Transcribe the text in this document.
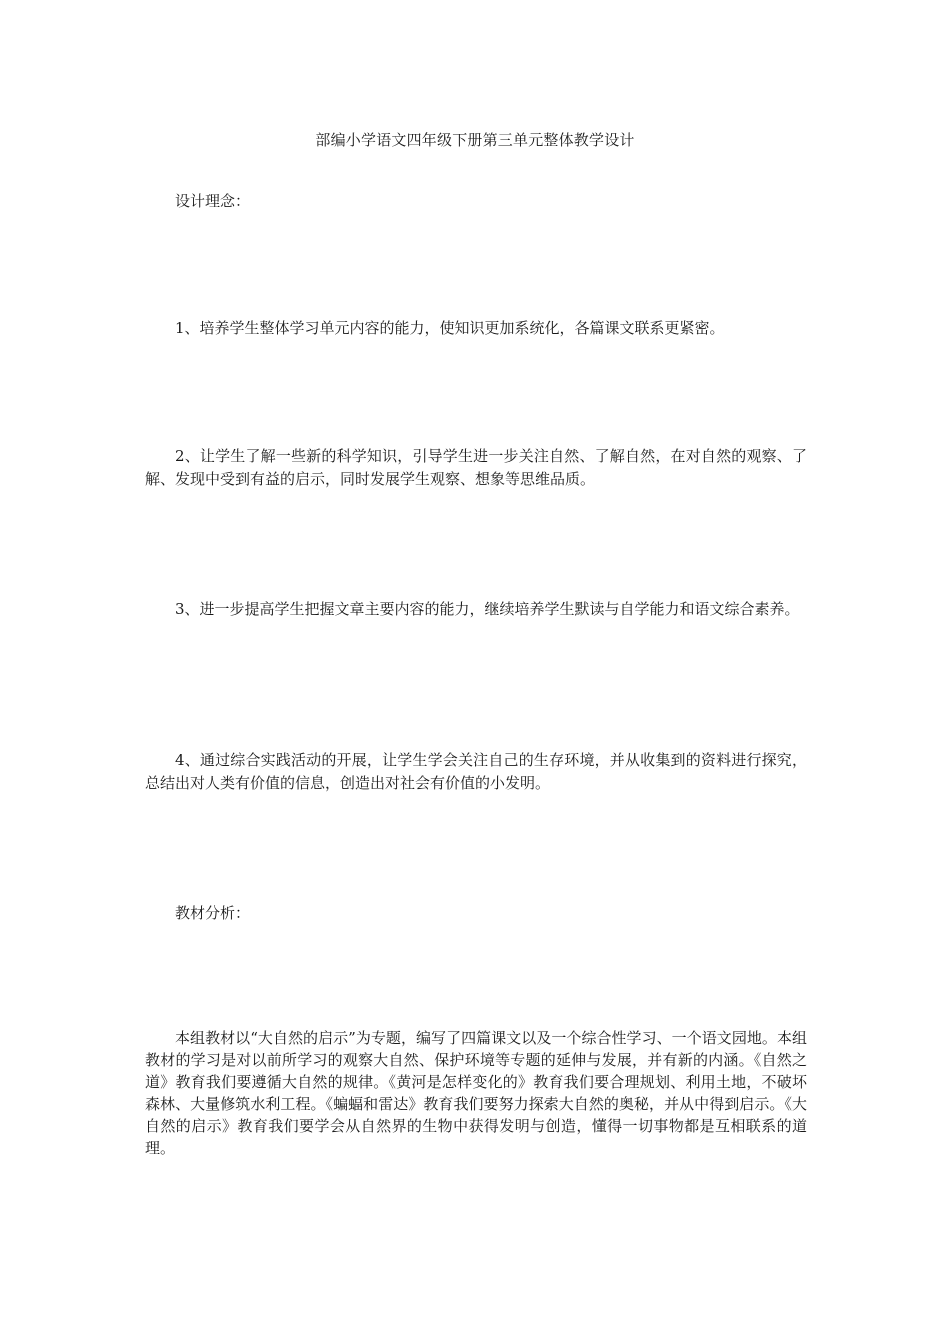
部编小学语文四年级下册第三单元整体教学设计

设计理念：

1、培养学生整体学习单元内容的能力，使知识更加系统化，各篇课文联系更紧密。

2、让学生了解一些新的科学知识，引导学生进一步关注自然、了解自然，在对自然的观察、了解、发现中受到有益的启示，同时发展学生观察、想象等思维品质。

3、进一步提高学生把握文章主要内容的能力，继续培养学生默读与自学能力和语文综合素养。

4、通过综合实践活动的开展，让学生学会关注自己的生存环境，并从收集到的资料进行探究，总结出对人类有价值的信息，创造出对社会有价值的小发明。

教材分析：

本组教材以“大自然的启示”为专题，编写了四篇课文以及一个综合性学习、一个语文园地。本组教材的学习是对以前所学习的观察大自然、保护环境等专题的延伸与发展，并有新的内涵。《自然之道》教育我们要遵循大自然的规律。《黄河是怎样变化的》教育我们要合理规划、利用土地，不破坏森林、大量修筑水利工程。《蝙蝠和雷达》教育我们要努力探索大自然的奥秘，并从中得到启示。《大自然的启示》教育我们要学会从自然界的生物中获得发明与创造，懂得一切事物都是互相联系的道理。
